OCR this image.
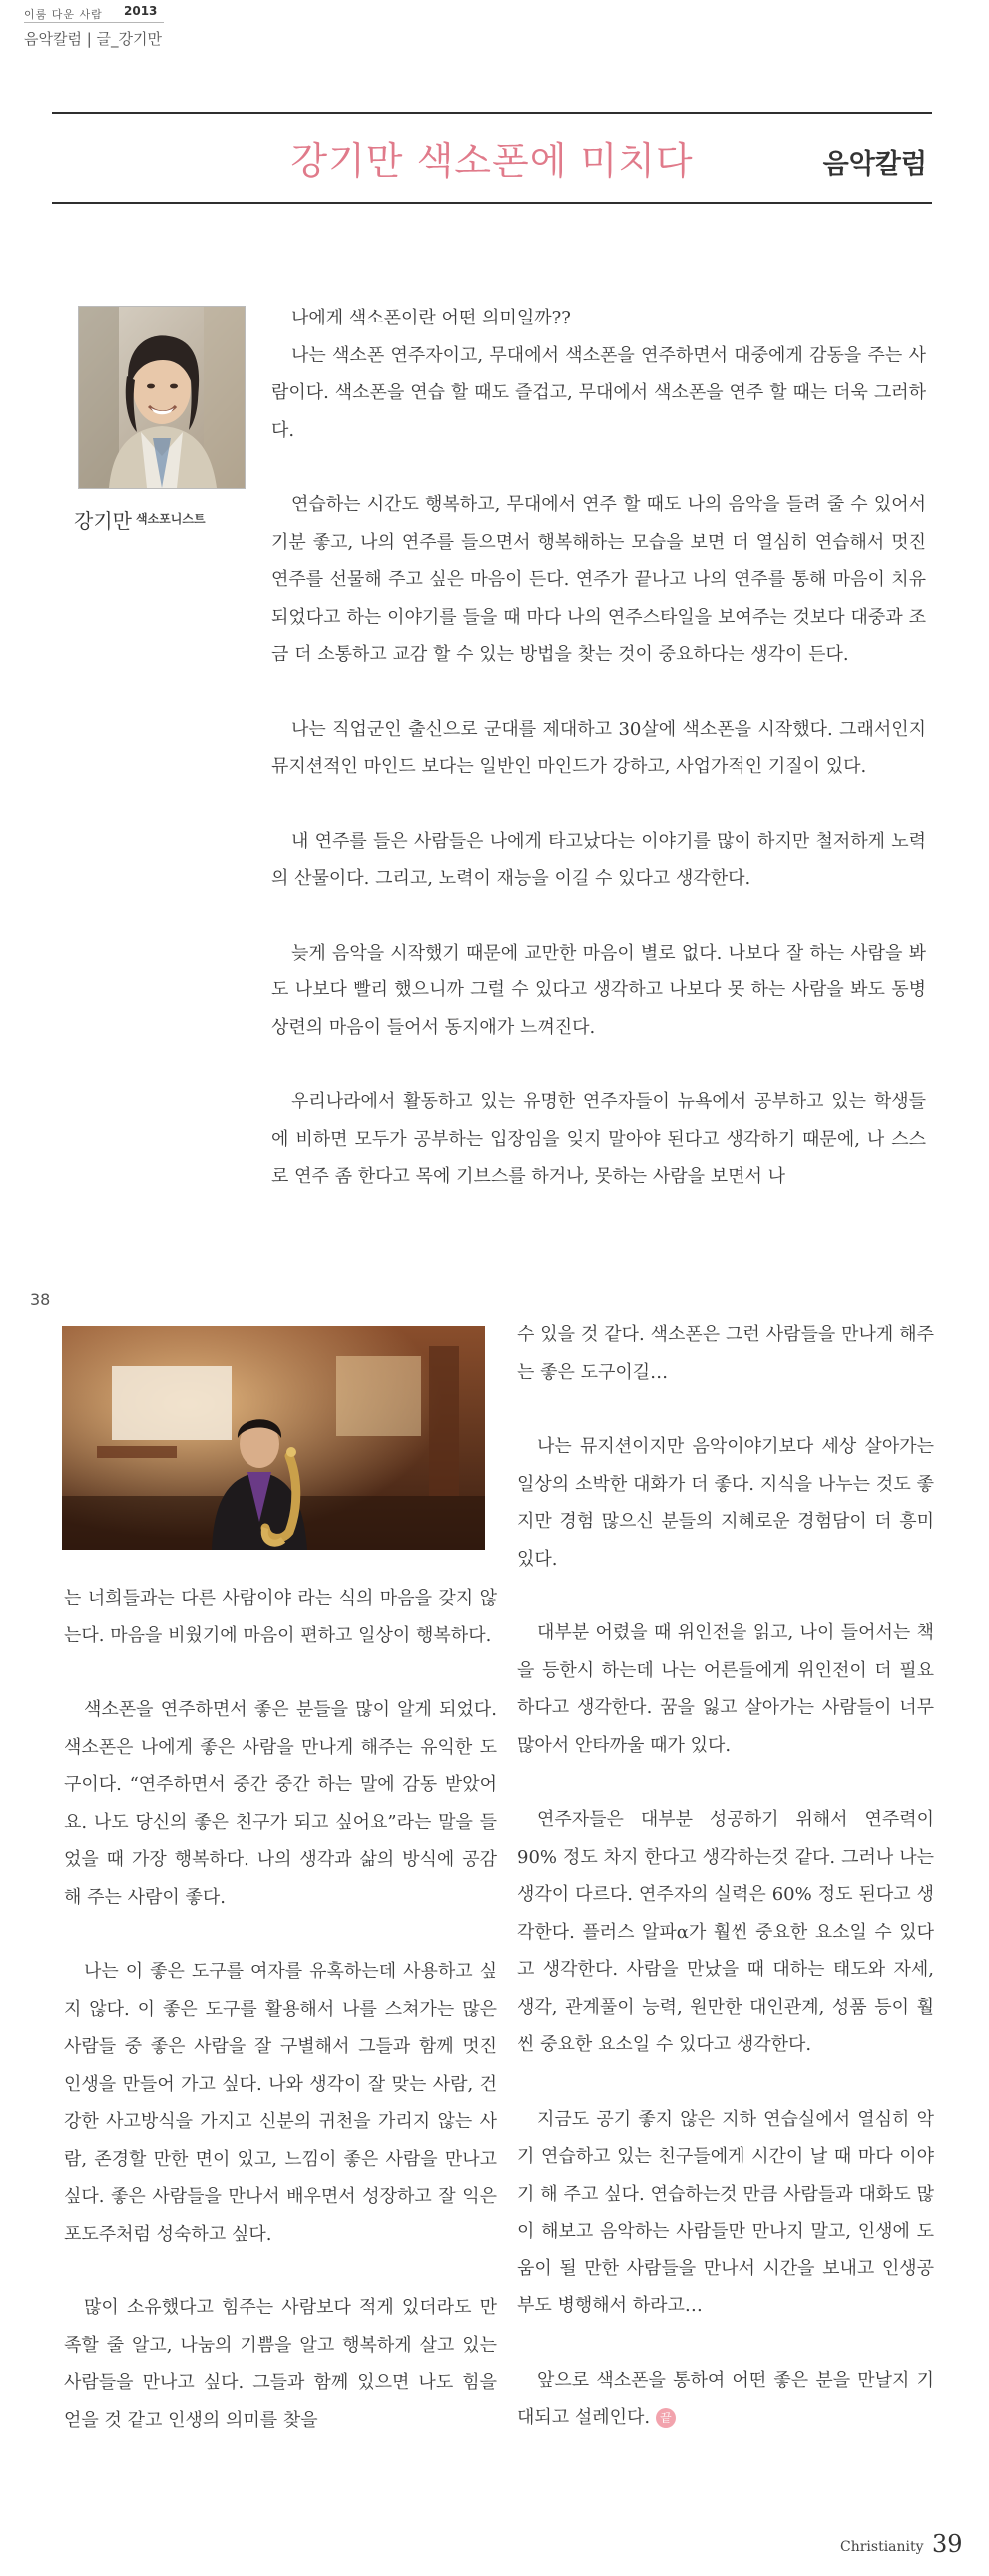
이룸 다운 사람 2013
음악칼럼 | 글_강기만
강기만 색소폰에 미치다	음악칼럼
강기만 색소포니스트

나에게 색소폰이란 어떤 의미일까??

나는 색소폰 연주자이고, 무대에서 색소폰을 연주하면서 대중에게 감동을 주는 사람이다. 색소폰을 연습 할 때도 즐겁고, 무대에서 색소폰을 연주 할 때는 더욱 그러하다.

연습하는 시간도 행복하고, 무대에서 연주 할 때도 나의 음악을 들려 줄 수 있어서 기분 좋고, 나의 연주를 들으면서 행복해하는 모습을 보면 더 열심히 연습해서 멋진 연주를 선물해 주고 싶은 마음이 든다. 연주가 끝나고 나의 연주를 통해 마음이 치유되었다고 하는 이야기를 들을 때 마다 나의 연주스타일을 보여주는 것보다 대중과 조금 더 소통하고 교감 할 수 있는 방법을 찾는 것이 중요하다는 생각이 든다.

나는 직업군인 출신으로 군대를 제대하고 30살에 색소폰을 시작했다. 그래서인지 뮤지션적인 마인드 보다는 일반인 마인드가 강하고, 사업가적인 기질이 있다.

내 연주를 들은 사람들은 나에게 타고났다는 이야기를 많이 하지만 철저하게 노력의 산물이다. 그리고, 노력이 재능을 이길 수 있다고 생각한다.

늦게 음악을 시작했기 때문에 교만한 마음이 별로 없다. 나보다 잘 하는 사람을 봐도 나보다 빨리 했으니까 그럴 수 있다고 생각하고 나보다 못 하는 사람을 봐도 동병상련의 마음이 들어서 동지애가 느껴진다.

우리나라에서 활동하고 있는 유명한 연주자들이 뉴욕에서 공부하고 있는 학생들에 비하면 모두가 공부하는 입장임을 잊지 말아야 된다고 생각하기 때문에, 나 스스로 연주 좀 한다고 목에 기브스를 하거나, 못하는 사람을 보면서 나

38

는 너희들과는 다른 사람이야 라는 식의 마음을 갖지 않는다. 마음을 비웠기에 마음이 편하고 일상이 행복하다.

색소폰을 연주하면서 좋은 분들을 많이 알게 되었다. 색소폰은 나에게 좋은 사람을 만나게 해주는 유익한 도구이다. “연주하면서 중간 중간 하는 말에 감동 받았어요. 나도 당신의 좋은 친구가 되고 싶어요”라는 말을 들었을 때 가장 행복하다. 나의 생각과 삶의 방식에 공감해 주는 사람이 좋다.

나는 이 좋은 도구를 여자를 유혹하는데 사용하고 싶지 않다. 이 좋은 도구를 활용해서 나를 스쳐가는 많은 사람들 중 좋은 사람을 잘 구별해서 그들과 함께 멋진 인생을 만들어 가고 싶다. 나와 생각이 잘 맞는 사람, 건강한 사고방식을 가지고 신분의 귀천을 가리지 않는 사람, 존경할 만한 면이 있고, 느낌이 좋은 사람을 만나고 싶다. 좋은 사람들을 만나서 배우면서 성장하고 잘 익은 포도주처럼 성숙하고 싶다.

많이 소유했다고 힘주는 사람보다 적게 있더라도 만족할 줄 알고, 나눔의 기쁨을 알고 행복하게 살고 있는 사람들을 만나고 싶다. 그들과 함께 있으면 나도 힘을 얻을 것 같고 인생의 의미를 찾을

수 있을 것 같다. 색소폰은 그런 사람들을 만나게 해주는 좋은 도구이길…

나는 뮤지션이지만 음악이야기보다 세상 살아가는 일상의 소박한 대화가 더 좋다. 지식을 나누는 것도 좋지만 경험 많으신 분들의 지혜로운 경험담이 더 흥미있다.

대부분 어렸을 때 위인전을 읽고, 나이 들어서는 책을 등한시 하는데 나는 어른들에게 위인전이 더 필요하다고 생각한다. 꿈을 잃고 살아가는 사람들이 너무 많아서 안타까울 때가 있다.

연주자들은 대부분 성공하기 위해서 연주력이 90% 정도 차지 한다고 생각하는것 같다. 그러나 나는 생각이 다르다. 연주자의 실력은 60% 정도 된다고 생각한다. 플러스 알파α가 훨씬 중요한 요소일 수 있다고 생각한다. 사람을 만났을 때 대하는 태도와 자세, 생각, 관계풀이 능력, 원만한 대인관계, 성품 등이 훨씬 중요한 요소일 수 있다고 생각한다.

지금도 공기 좋지 않은 지하 연습실에서 열심히 악기 연습하고 있는 친구들에게 시간이 날 때 마다 이야기 해 주고 싶다. 연습하는것 만큼 사람들과 대화도 많이 해보고 음악하는 사람들만 만나지 말고, 인생에 도움이 될 만한 사람들을 만나서 시간을 보내고 인생공부도 병행해서 하라고…

앞으로 색소폰을 통하여 어떤 좋은 분을 만날지 기대되고 설레인다. 끝

Christianity 39
